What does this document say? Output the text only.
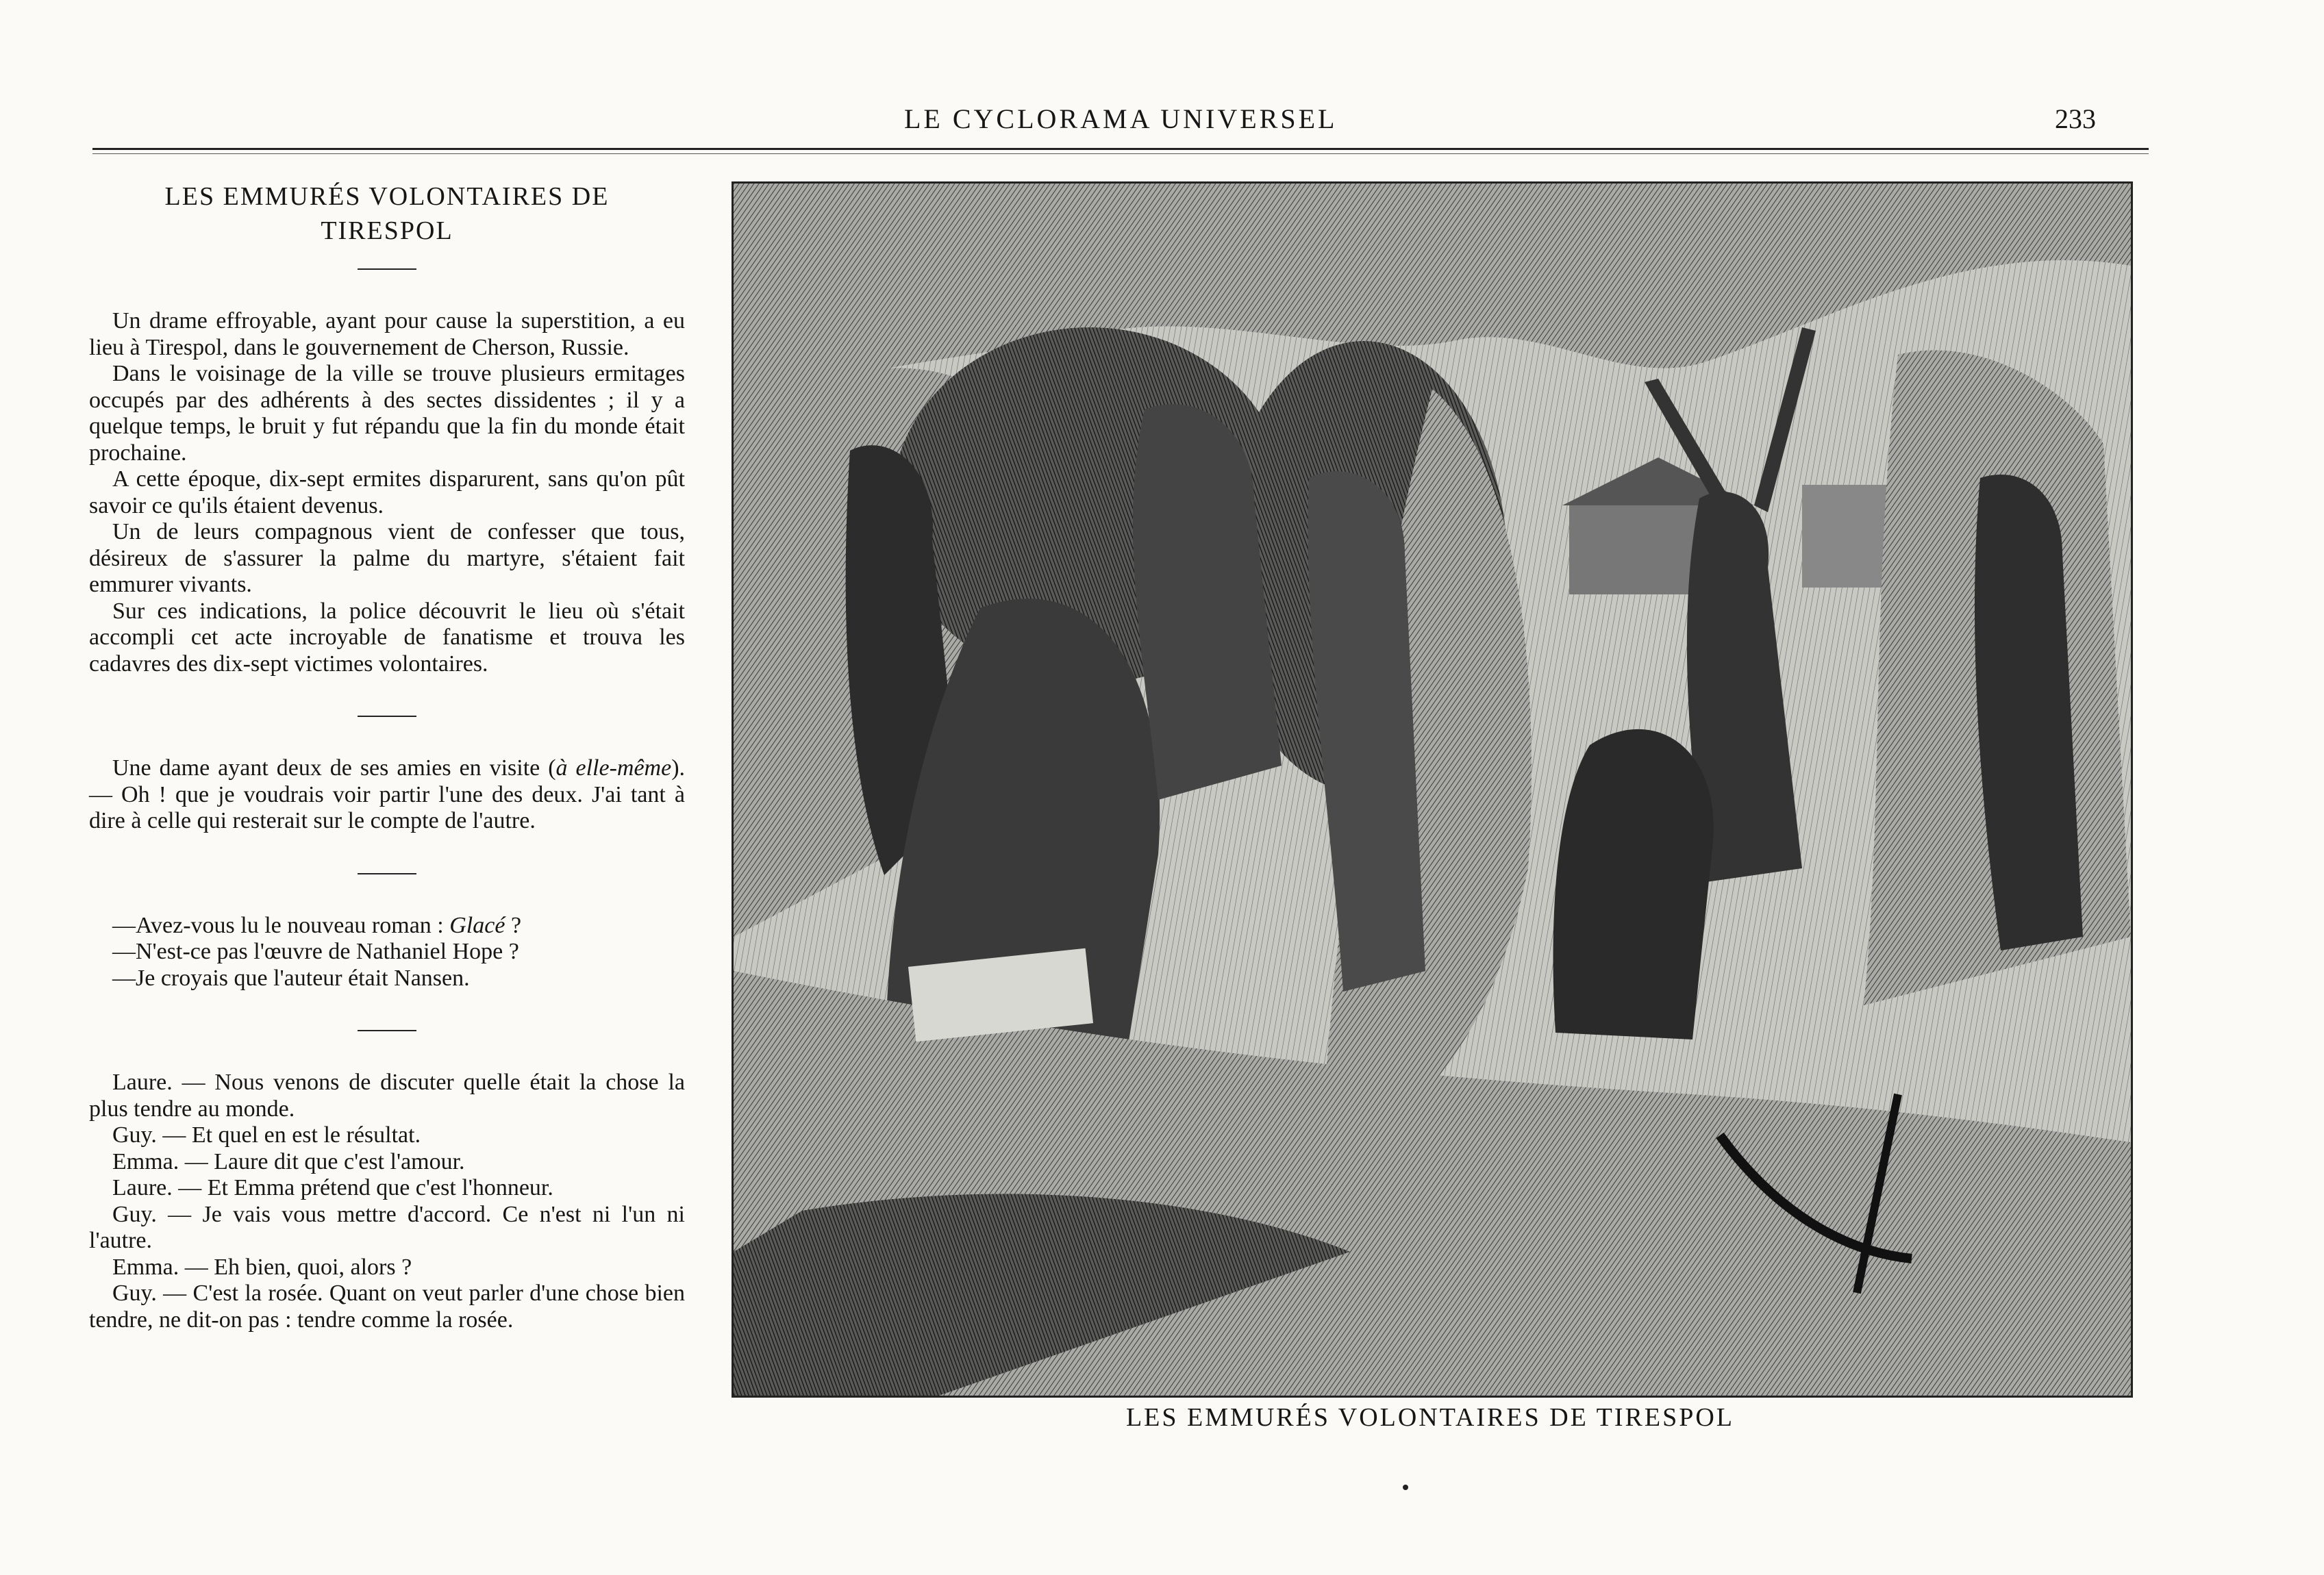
LE CYCLORAMA UNIVERSEL	233
LES EMMURÉS VOLONTAIRES DE
TIRESPOL

Un drame effroyable, ayant pour cause la superstition, a eu lieu à Tirespol, dans le gouvernement de Cherson, Russie.

Dans le voisinage de la ville se trouve plusieurs ermitages occupés par des adhérents à des sectes dissidentes ; il y a quelque temps, le bruit y fut répandu que la fin du monde était prochaine.

A cette époque, dix-sept ermites disparurent, sans qu'on pût savoir ce qu'ils étaient devenus.

Un de leurs compagnous vient de confesser que tous, désireux de s'assurer la palme du martyre, s'étaient fait emmurer vivants.

Sur ces indications, la police découvrit le lieu où s'était accompli cet acte incroyable de fanatisme et trouva les cadavres des dix-sept victimes volontaires.

Une dame ayant deux de ses amies en visite (à elle-même). — Oh ! que je voudrais voir partir l'une des deux. J'ai tant à dire à celle qui resterait sur le compte de l'autre.

—Avez-vous lu le nouveau roman : Glacé ?

—N'est-ce pas l'œuvre de Nathaniel Hope ?

—Je croyais que l'auteur était Nansen.

Laure. — Nous venons de discuter quelle était la chose la plus tendre au monde.

Guy. — Et quel en est le résultat.

Emma. — Laure dit que c'est l'amour.

Laure. — Et Emma prétend que c'est l'honneur.

Guy. — Je vais vous mettre d'accord. Ce n'est ni l'un ni l'autre.

Emma. — Eh bien, quoi, alors ?

Guy. — C'est la rosée. Quant on veut parler d'une chose bien tendre, ne dit-on pas : tendre comme la rosée.

LES EMMURÉS VOLONTAIRES DE TIRESPOL
